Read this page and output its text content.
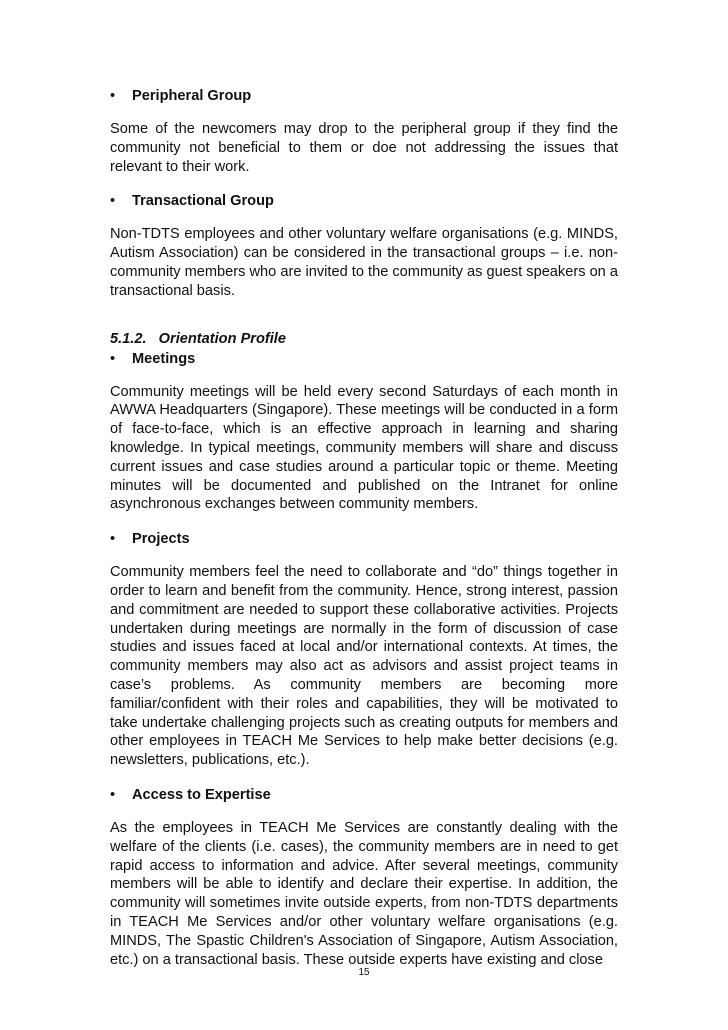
•	Peripheral Group

Some of the newcomers may drop to the peripheral group if they find the community not beneficial to them or doe not addressing the issues that relevant to their work.

•	Transactional Group

Non-TDTS employees and other voluntary welfare organisations (e.g. MINDS, Autism Association) can be considered in the transactional groups – i.e. non-community members who are invited to the community as guest speakers on a transactional basis.

5.1.2.   Orientation Profile
•	Meetings

Community meetings will be held every second Saturdays of each month in AWWA Headquarters (Singapore). These meetings will be conducted in a form of face-to-face, which is an effective approach in learning and sharing knowledge. In typical meetings, community members will share and discuss current issues and case studies around a particular topic or theme. Meeting minutes will be documented and published on the Intranet for online asynchronous exchanges between community members.

•	Projects

Community members feel the need to collaborate and “do” things together in order to learn and benefit from the community. Hence, strong interest, passion and commitment are needed to support these collaborative activities. Projects undertaken during meetings are normally in the form of discussion of case studies and issues faced at local and/or international contexts. At times, the community members may also act as advisors and assist project teams in case’s problems. As community members are becoming more familiar/confident with their roles and capabilities, they will be motivated to take undertake challenging projects such as creating outputs for members and other employees in TEACH Me Services to help make better decisions (e.g. newsletters, publications, etc.).

•	Access to Expertise

As the employees in TEACH Me Services are constantly dealing with the welfare of the clients (i.e. cases), the community members are in need to get rapid access to information and advice. After several meetings, community members will be able to identify and declare their expertise. In addition, the community will sometimes invite outside experts, from non-TDTS departments in TEACH Me Services and/or other voluntary welfare organisations (e.g. MINDS, The Spastic Children's Association of Singapore, Autism Association, etc.) on a transactional basis. These outside experts have existing and close

15
